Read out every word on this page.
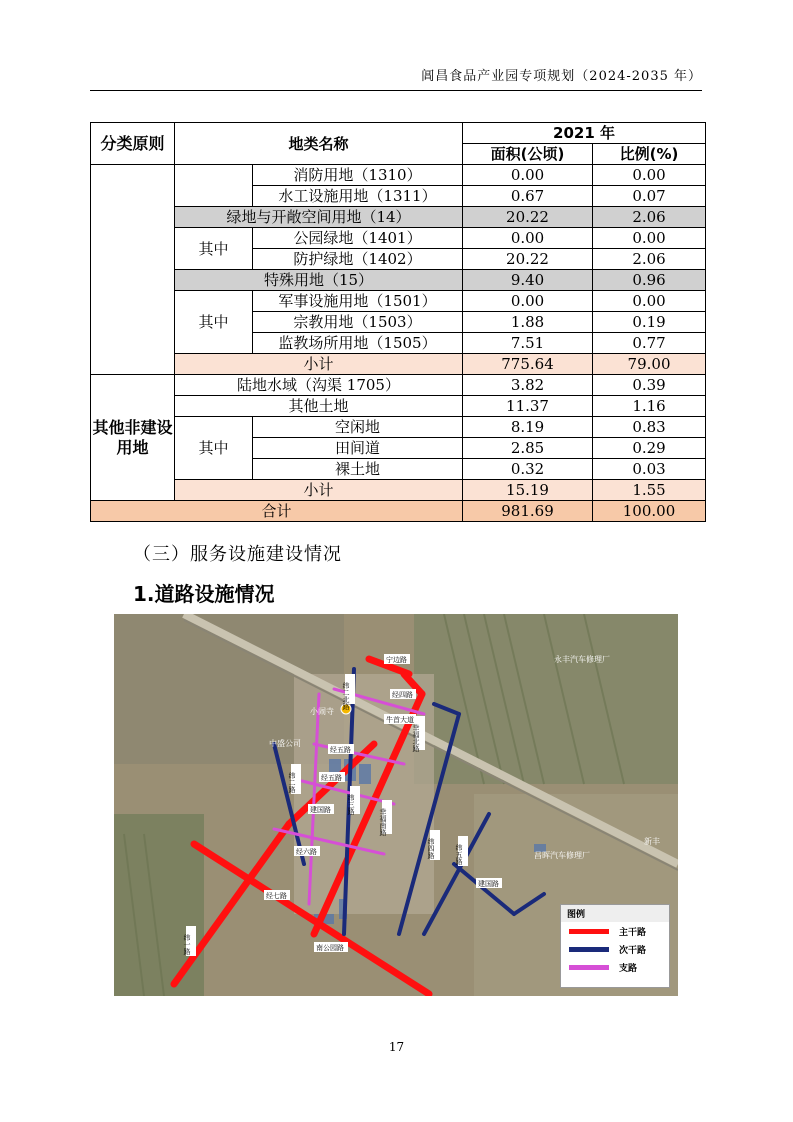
阊昌食品产业园专项规划（2024-2035 年）
分类原则	地类名称		2021 年	
			面积(公顷)	比例(%)
		消防用地（1310）	0.00	0.00
		水工设施用地（1311）	0.67	0.07
	绿地与开敞空间用地（14）		20.22	2.06
	其中	公园绿地（1401）	0.00	0.00
		防护绿地（1402）	20.22	2.06
	特殊用地（15）		9.40	0.96
	其中	军事设施用地（1501）	0.00	0.00
		宗教用地（1503）	1.88	0.19
		监教场所用地（1505）	7.51	0.77
	小计		775.64	79.00
其他非建设用地	陆地水域（沟渠 1705）		3.82	0.39
	其他土地		11.37	1.16
	其中	空闲地	8.19	0.83
		田间道	2.85	0.29
		裸土地	0.32	0.03
	小计		15.19	1.55
合计			981.69	100.00
（三）服务设施建设情况
1.道路设施情况
宁边路
纬二北路	经四路
小闹寺
牛首大道
幸福北路
中盛公司
经五路
纬二路	经五路
纬三路
幸福南路
建国路
经六路	纬四路	纬五路
建国路
经七路
纬一路	南公园路
永丰汽车修理厂
昌晖汽车修理厂
新丰
图例
主干路
次干路
支路
17
